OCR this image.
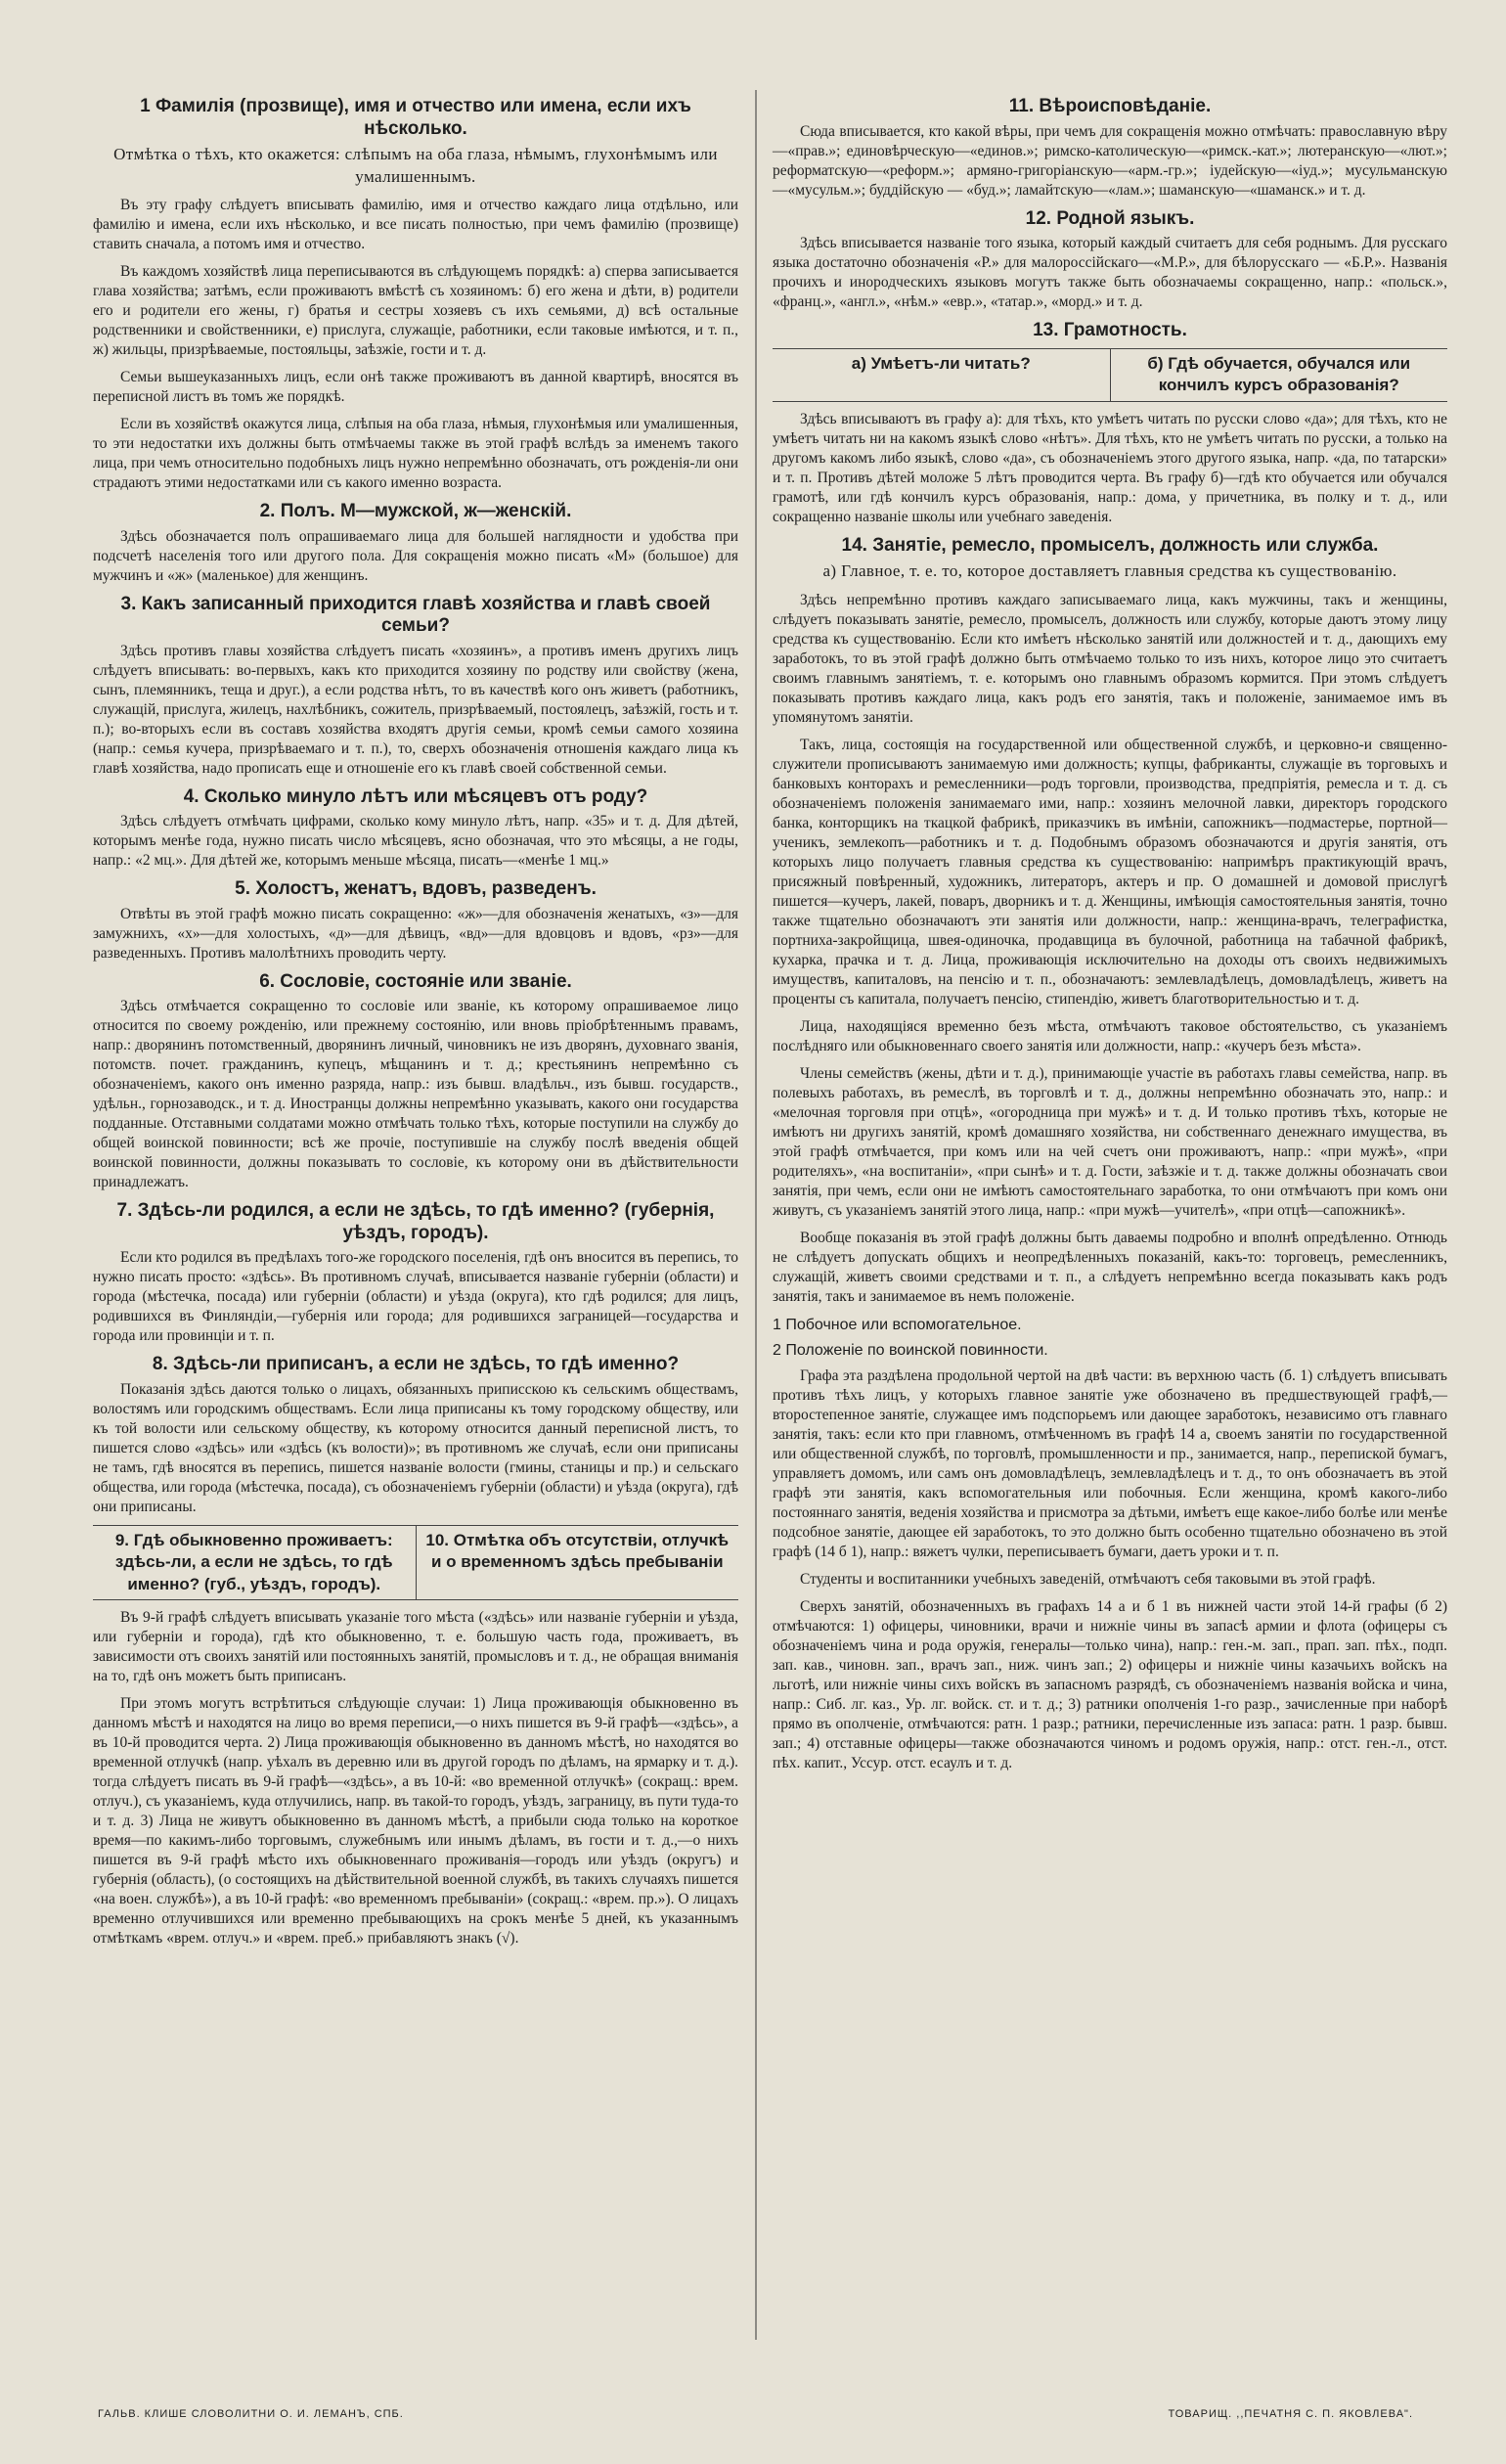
1 Фамилія (прозвище), имя и отчество или имена, если ихъ нѣсколько.
Отмѣтка о тѣхъ, кто окажется: слѣпымъ на оба глаза, нѣмымъ, глухонѣмымъ или умалишеннымъ.

Въ эту графу слѣдуетъ вписывать фамилію, имя и отчество каждаго лица отдѣльно, или фамилію и имена, если ихъ нѣсколько, и все писать полностью, при чемъ фамилію (прозвище) ставить сначала, а потомъ имя и отчество.

Въ каждомъ хозяйствѣ лица переписываются въ слѣдующемъ порядкѣ: а) сперва записывается глава хозяйства; затѣмъ, если проживаютъ вмѣстѣ съ хозяиномъ: б) его жена и дѣти, в) родители его и родители его жены, г) братья и сестры хозяевъ съ ихъ семьями, д) всѣ остальные родственники и свойственники, е) прислуга, служащіе, работники, если таковые имѣются, и т. п., ж) жильцы, призрѣваемые, постояльцы, заѣзжіе, гости и т. д.

Семьи вышеуказанныхъ лицъ, если онѣ также проживаютъ въ данной квартирѣ, вносятся въ переписной листъ въ томъ же порядкѣ.

Если въ хозяйствѣ окажутся лица, слѣпыя на оба глаза, нѣмыя, глухонѣмыя или умалишенныя, то эти недостатки ихъ должны быть отмѣчаемы также въ этой графѣ вслѣдъ за именемъ такого лица, при чемъ относительно подобныхъ лицъ нужно непремѣнно обозначать, отъ рожденія-ли они страдаютъ этими недостатками или съ какого именно возраста.

2. Полъ. М—мужской, ж—женскій.

Здѣсь обозначается полъ опрашиваемаго лица для большей наглядности и удобства при подсчетѣ населенія того или другого пола. Для сокращенія можно писать «М» (большое) для мужчинъ и «ж» (маленькое) для женщинъ.

3. Какъ записанный приходится главѣ хозяйства и главѣ своей семьи?

Здѣсь противъ главы хозяйства слѣдуетъ писать «хозяинъ», а противъ именъ другихъ лицъ слѣдуетъ вписывать: во-первыхъ, какъ кто приходится хозяину по родству или свойству (жена, сынъ, племянникъ, теща и друг.), а если родства нѣтъ, то въ качествѣ кого онъ живетъ (работникъ, служащій, прислуга, жилецъ, нахлѣбникъ, сожитель, призрѣваемый, постоялецъ, заѣзжій, гость и т. п.); во-вторыхъ если въ составъ хозяйства входятъ другія семьи, кромѣ семьи самого хозяина (напр.: семья кучера, призрѣваемаго и т. п.), то, сверхъ обозначенія отношенія каждаго лица къ главѣ хозяйства, надо прописать еще и отношеніе его къ главѣ своей собственной семьи.

4. Сколько минуло лѣтъ или мѣсяцевъ отъ роду?

Здѣсь слѣдуетъ отмѣчать цифрами, сколько кому минуло лѣтъ, напр. «35» и т. д. Для дѣтей, которымъ менѣе года, нужно писать число мѣсяцевъ, ясно обозначая, что это мѣсяцы, а не годы, напр.: «2 мц.». Для дѣтей же, которымъ меньше мѣсяца, писать—«менѣе 1 мц.»

5. Холостъ, женатъ, вдовъ, разведенъ.

Отвѣты въ этой графѣ можно писать сокращенно: «ж»—для обозначенія женатыхъ, «з»—для замужнихъ, «х»—для холостыхъ, «д»—для дѣвицъ, «вд»—для вдовцовъ и вдовъ, «рз»—для разведенныхъ. Противъ малолѣтнихъ проводить черту.

6. Сословіе, состояніе или званіе.

Здѣсь отмѣчается сокращенно то сословіе или званіе, къ которому опрашиваемое лицо относится по своему рожденію, или прежнему состоянію, или вновь пріобрѣтеннымъ правамъ, напр.: дворянинъ потомственный, дворянинъ личный, чиновникъ не изъ дворянъ, духовнаго званія, потомств. почет. гражданинъ, купецъ, мѣщанинъ и т. д.; крестьянинъ непремѣнно съ обозначеніемъ, какого онъ именно разряда, напр.: изъ бывш. владѣльч., изъ бывш. государств., удѣльн., горнозаводск., и т. д. Иностранцы должны непремѣнно указывать, какого они государства подданные. Отставными солдатами можно отмѣчать только тѣхъ, которые поступили на службу до общей воинской повинности; всѣ же прочіе, поступившіе на службу послѣ введенія общей воинской повинности, должны показывать то сословіе, къ которому они въ дѣйствительности принадлежатъ.

7. Здѣсь-ли родился, а если не здѣсь, то гдѣ именно? (губернія, уѣздъ, городъ).

Если кто родился въ предѣлахъ того-же городского поселенія, гдѣ онъ вносится въ перепись, то нужно писать просто: «здѣсь». Въ противномъ случаѣ, вписывается названіе губерніи (области) и города (мѣстечка, посада) или губерніи (области) и уѣзда (округа), кто гдѣ родился; для лицъ, родившихся въ Финляндіи,—губернія или города; для родившихся заграницей—государства и города или провинціи и т. п.

8. Здѣсь-ли приписанъ, а если не здѣсь, то гдѣ именно?

Показанія здѣсь даются только о лицахъ, обязанныхъ приписскою къ сельскимъ обществамъ, волостямъ или городскимъ обществамъ. Если лица приписаны къ тому городскому обществу, или къ той волости или сельскому обществу, къ которому относится данный переписной листъ, то пишется слово «здѣсь» или «здѣсь (къ волости)»; въ противномъ же случаѣ, если они приписаны не тамъ, гдѣ вносятся въ перепись, пишется названіе волости (гмины, станицы и пр.) и сельскаго общества, или города (мѣстечка, посада), съ обозначеніемъ губерніи (области) и уѣзда (округа), гдѣ они приписаны.

9. Гдѣ обыкновенно проживаетъ: здѣсь-ли, а если не здѣсь, то гдѣ именно? (губ., уѣздъ, городъ).
10. Отмѣтка объ отсутствіи, отлучкѣ и о временномъ здѣсь пребываніи

Въ 9-й графѣ слѣдуетъ вписывать указаніе того мѣста («здѣсь» или названіе губерніи и уѣзда, или губерніи и города), гдѣ кто обыкновенно, т. е. большую часть года, проживаетъ, въ зависимости отъ своихъ занятій или постоянныхъ занятій, промысловъ и т. д., не обращая вниманія на то, гдѣ онъ можетъ быть приписанъ.

При этомъ могутъ встрѣтиться слѣдующіе случаи: 1) Лица проживающія обыкновенно въ данномъ мѣстѣ и находятся на лицо во время переписи,—о нихъ пишется въ 9-й графѣ—«здѣсь», а въ 10-й проводится черта. 2) Лица проживающія обыкновенно въ данномъ мѣстѣ, но находятся во временной отлучкѣ (напр. уѣхалъ въ деревню или въ другой городъ по дѣламъ, на ярмарку и т. д.). тогда слѣдуетъ писать въ 9-й графѣ—«здѣсь», а въ 10-й: «во временной отлучкѣ» (сокращ.: врем. отлуч.), съ указаніемъ, куда отлучились, напр. въ такой-то городъ, уѣздъ, заграницу, въ пути туда-то и т. д. 3) Лица не живутъ обыкновенно въ данномъ мѣстѣ, а прибыли сюда только на короткое время—по какимъ-либо торговымъ, служебнымъ или инымъ дѣламъ, въ гости и т. д.,—о нихъ пишется въ 9-й графѣ мѣсто ихъ обыкновеннаго проживанія—городъ или уѣздъ (округъ) и губернія (область), (о состоящихъ на дѣйствительной военной службѣ, въ такихъ случаяхъ пишется «на воен. службѣ»), а въ 10-й графѣ: «во временномъ пребываніи» (сокращ.: «врем. пр.»). О лицахъ временно отлучившихся или временно пребывающихъ на срокъ менѣе 5 дней, къ указаннымъ отмѣткамъ «врем. отлуч.» и «врем. преб.» прибавляютъ знакъ (√).

11. Вѣроисповѣданіе.

Сюда вписывается, кто какой вѣры, при чемъ для сокращенія можно отмѣчать: православную вѣру—«прав.»; единовѣрческую—«единов.»; римско-католическую—«римск.-кат.»; лютеранскую—«лют.»; реформатскую—«реформ.»; армяно-григоріанскую—«арм.-гр.»; іудейскую—«іуд.»; мусульманскую—«мусульм.»; буддійскую — «буд.»; ламайтскую—«лам.»; шаманскую—«шаманск.» и т. д.

12. Родной языкъ.

Здѣсь вписывается названіе того языка, который каждый считаетъ для себя роднымъ. Для русскаго языка достаточно обозначенія «Р.» для малороссійскаго—«М.Р.», для бѣлорусскаго — «Б.Р.». Названія прочихъ и инородческихъ языковъ могутъ также быть обозначаемы сокращенно, напр.: «польск.», «франц.», «англ.», «нѣм.» «евр.», «татар.», «морд.» и т. д.

13. Грамотность.
а) Умѣетъ-ли читать?	б) Гдѣ обучается, обучался или кончилъ курсъ образованія?

Здѣсь вписываютъ въ графу а): для тѣхъ, кто умѣетъ читать по русски слово «да»; для тѣхъ, кто не умѣетъ читать ни на какомъ языкѣ слово «нѣтъ». Для тѣхъ, кто не умѣетъ читать по русски, а только на другомъ какомъ либо языкѣ, слово «да», съ обозначеніемъ этого другого языка, напр. «да, по татарски» и т. п. Противъ дѣтей моложе 5 лѣтъ проводится черта. Въ графу б)—гдѣ кто обучается или обучался грамотѣ, или гдѣ кончилъ курсъ образованія, напр.: дома, у причетника, въ полку и т. д., или сокращенно названіе школы или учебнаго заведенія.

14. Занятіе, ремесло, промыселъ, должность или служба.
а) Главное, т. е. то, которое доставляетъ главныя средства къ существованію.

Здѣсь непремѣнно противъ каждаго записываемаго лица, какъ мужчины, такъ и женщины, слѣдуетъ показывать занятіе, ремесло, промыселъ, должность или службу, которые даютъ этому лицу средства къ существованію. Если кто имѣетъ нѣсколько занятій или должностей и т. д., дающихъ ему заработокъ, то въ этой графѣ должно быть отмѣчаемо только то изъ нихъ, которое лицо это считаетъ своимъ главнымъ занятіемъ, т. е. которымъ оно главнымъ образомъ кормится. При этомъ слѣдуетъ показывать противъ каждаго лица, какъ родъ его занятія, такъ и положеніе, занимаемое имъ въ упомянутомъ занятіи.

Такъ, лица, состоящія на государственной или общественной службѣ, и церковно-и священно-служители прописываютъ занимаемую ими должность; купцы, фабриканты, служащіе въ торговыхъ и банковыхъ конторахъ и ремесленники—родъ торговли, производства, предпріятія, ремесла и т. д. съ обозначеніемъ положенія занимаемаго ими, напр.: хозяинъ мелочной лавки, директоръ городского банка, конторщикъ на ткацкой фабрикѣ, приказчикъ въ имѣніи, сапожникъ—подмастерье, портной—ученикъ, землекопъ—работникъ и т. д. Подобнымъ образомъ обозначаются и другія занятія, отъ которыхъ лицо получаетъ главныя средства къ существованію: напримѣръ практикующій врачъ, присяжный повѣренный, художникъ, литераторъ, актеръ и пр. О домашней и домовой прислугѣ пишется—кучеръ, лакей, поваръ, дворникъ и т. д. Женщины, имѣющія самостоятельныя занятія, точно также тщательно обозначаютъ эти занятія или должности, напр.: женщина-врачъ, телеграфистка, портниха-закройщица, швея-одиночка, продавщица въ булочной, работница на табачной фабрикѣ, кухарка, прачка и т. д. Лица, проживающія исключительно на доходы отъ своихъ недвижимыхъ имуществъ, капиталовъ, на пенсію и т. п., обозначаютъ: землевладѣлецъ, домовладѣлецъ, живетъ на проценты съ капитала, получаетъ пенсію, стипендію, живетъ благотворительностью и т. д.

Лица, находящіяся временно безъ мѣста, отмѣчаютъ таковое обстоятельство, съ указаніемъ послѣдняго или обыкновеннаго своего занятія или должности, напр.: «кучеръ безъ мѣста».

Члены семействъ (жены, дѣти и т. д.), принимающіе участіе въ работахъ главы семейства, напр. въ полевыхъ работахъ, въ ремеслѣ, въ торговлѣ и т. д., должны непремѣнно обозначать это, напр.: и «мелочная торговля при отцѣ», «огородница при мужѣ» и т. д. И только противъ тѣхъ, которые не имѣютъ ни другихъ занятій, кромѣ домашняго хозяйства, ни собственнаго денежнаго имущества, въ этой графѣ отмѣчается, при комъ или на чей счетъ они проживаютъ, напр.: «при мужѣ», «при родителяхъ», «на воспитаніи», «при сынѣ» и т. д. Гости, заѣзжіе и т. д. также должны обозначать свои занятія, при чемъ, если они не имѣютъ самостоятельнаго заработка, то они отмѣчаютъ при комъ они живутъ, съ указаніемъ занятій этого лица, напр.: «при мужѣ—учителѣ», «при отцѣ—сапожникѣ».

Вообще показанія въ этой графѣ должны быть даваемы подробно и вполнѣ опредѣленно. Отнюдь не слѣдуетъ допускать общихъ и неопредѣленныхъ показаній, какъ-то: торговецъ, ремесленникъ, служащій, живетъ своими средствами и т. п., а слѣдуетъ непремѣнно всегда показывать какъ родъ занятія, такъ и занимаемое въ немъ положеніе.

1 Побочное или вспомогательное.
2 Положеніе по воинской повинности.

Графа эта раздѣлена продольной чертой на двѣ части: въ верхнюю часть (б. 1) слѣдуетъ вписывать противъ тѣхъ лицъ, у которыхъ главное занятіе уже обозначено въ предшествующей графѣ,—второстепенное занятіе, служащее имъ подспорьемъ или дающее заработокъ, независимо отъ главнаго занятія, такъ: если кто при главномъ, отмѣченномъ въ графѣ 14 а, своемъ занятіи по государственной или общественной службѣ, по торговлѣ, промышленности и пр., занимается, напр., перепиской бумагъ, управляетъ домомъ, или самъ онъ домовладѣлецъ, землевладѣлецъ и т. д., то онъ обозначаетъ въ этой графѣ эти занятія, какъ вспомогательныя или побочныя. Если женщина, кромѣ какого-либо постояннаго занятія, веденія хозяйства и присмотра за дѣтьми, имѣетъ еще какое-либо болѣе или менѣе подсобное занятіе, дающее ей заработокъ, то это должно быть особенно тщательно обозначено въ этой графѣ (14 б 1), напр.: вяжетъ чулки, переписываетъ бумаги, даетъ уроки и т. п.

Студенты и воспитанники учебныхъ заведеній, отмѣчаютъ себя таковыми въ этой графѣ.

Сверхъ занятій, обозначенныхъ въ графахъ 14 а и б 1 въ нижней части этой 14-й графы (б 2) отмѣчаются: 1) офицеры, чиновники, врачи и нижніе чины въ запасѣ армии и флота (офицеры съ обозначеніемъ чина и рода оружія, генералы—только чина), напр.: ген.-м. зап., прап. зап. пѣх., подп. зап. кав., чиновн. зап., врачъ зап., ниж. чинъ зап.; 2) офицеры и нижніе чины казачьихъ войскъ на льготѣ, или нижніе чины сихъ войскъ въ запасномъ разрядѣ, съ обозначеніемъ названія войска и чина, напр.: Сиб. лг. каз., Ур. лг. войск. ст. и т. д.; 3) ратники ополченія 1-го разр., зачисленные при наборѣ прямо въ ополченіе, отмѣчаются: ратн. 1 разр.; ратники, перечисленные изъ запаса: ратн. 1 разр. бывш. зап.; 4) отставные офицеры—также обозначаются чиномъ и родомъ оружія, напр.: отст. ген.-л., отст. пѣх. капит., Уссур. отст. есаулъ и т. д.

ГАЛЬВ. КЛИШЕ СЛОВОЛИТНИ О. И. ЛЕМАНЪ, СПБ.	ТОВАРИЩ. ,,ПЕЧАТНЯ С. П. ЯКОВЛЕВА".
